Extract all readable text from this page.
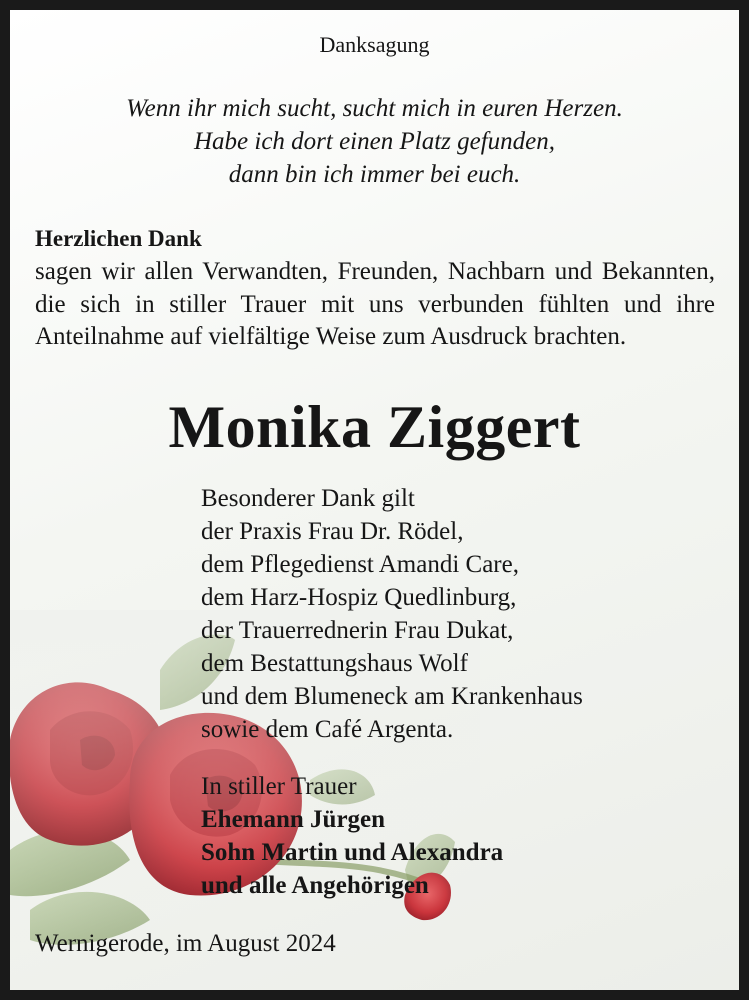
Danksagung
Wenn ihr mich sucht, sucht mich in euren Herzen.
Habe ich dort einen Platz gefunden,
dann bin ich immer bei euch.
Herzlichen Dank
sagen wir allen Verwandten, Freunden, Nachbarn und Bekannten, die sich in stiller Trauer mit uns verbunden fühlten und ihre Anteilnahme auf vielfältige Weise zum Ausdruck brachten.
Monika Ziggert
Besonderer Dank gilt
der Praxis Frau Dr. Rödel,
dem Pflegedienst Amandi Care,
dem Harz-Hospiz Quedlinburg,
der Trauerrednerin Frau Dukat,
dem Bestattungshaus Wolf
und dem Blumeneck am Krankenhaus
sowie dem Café Argenta.
In stiller Trauer
Ehemann Jürgen
Sohn Martin und Alexandra
und alle Angehörigen
Wernigerode, im August 2024
